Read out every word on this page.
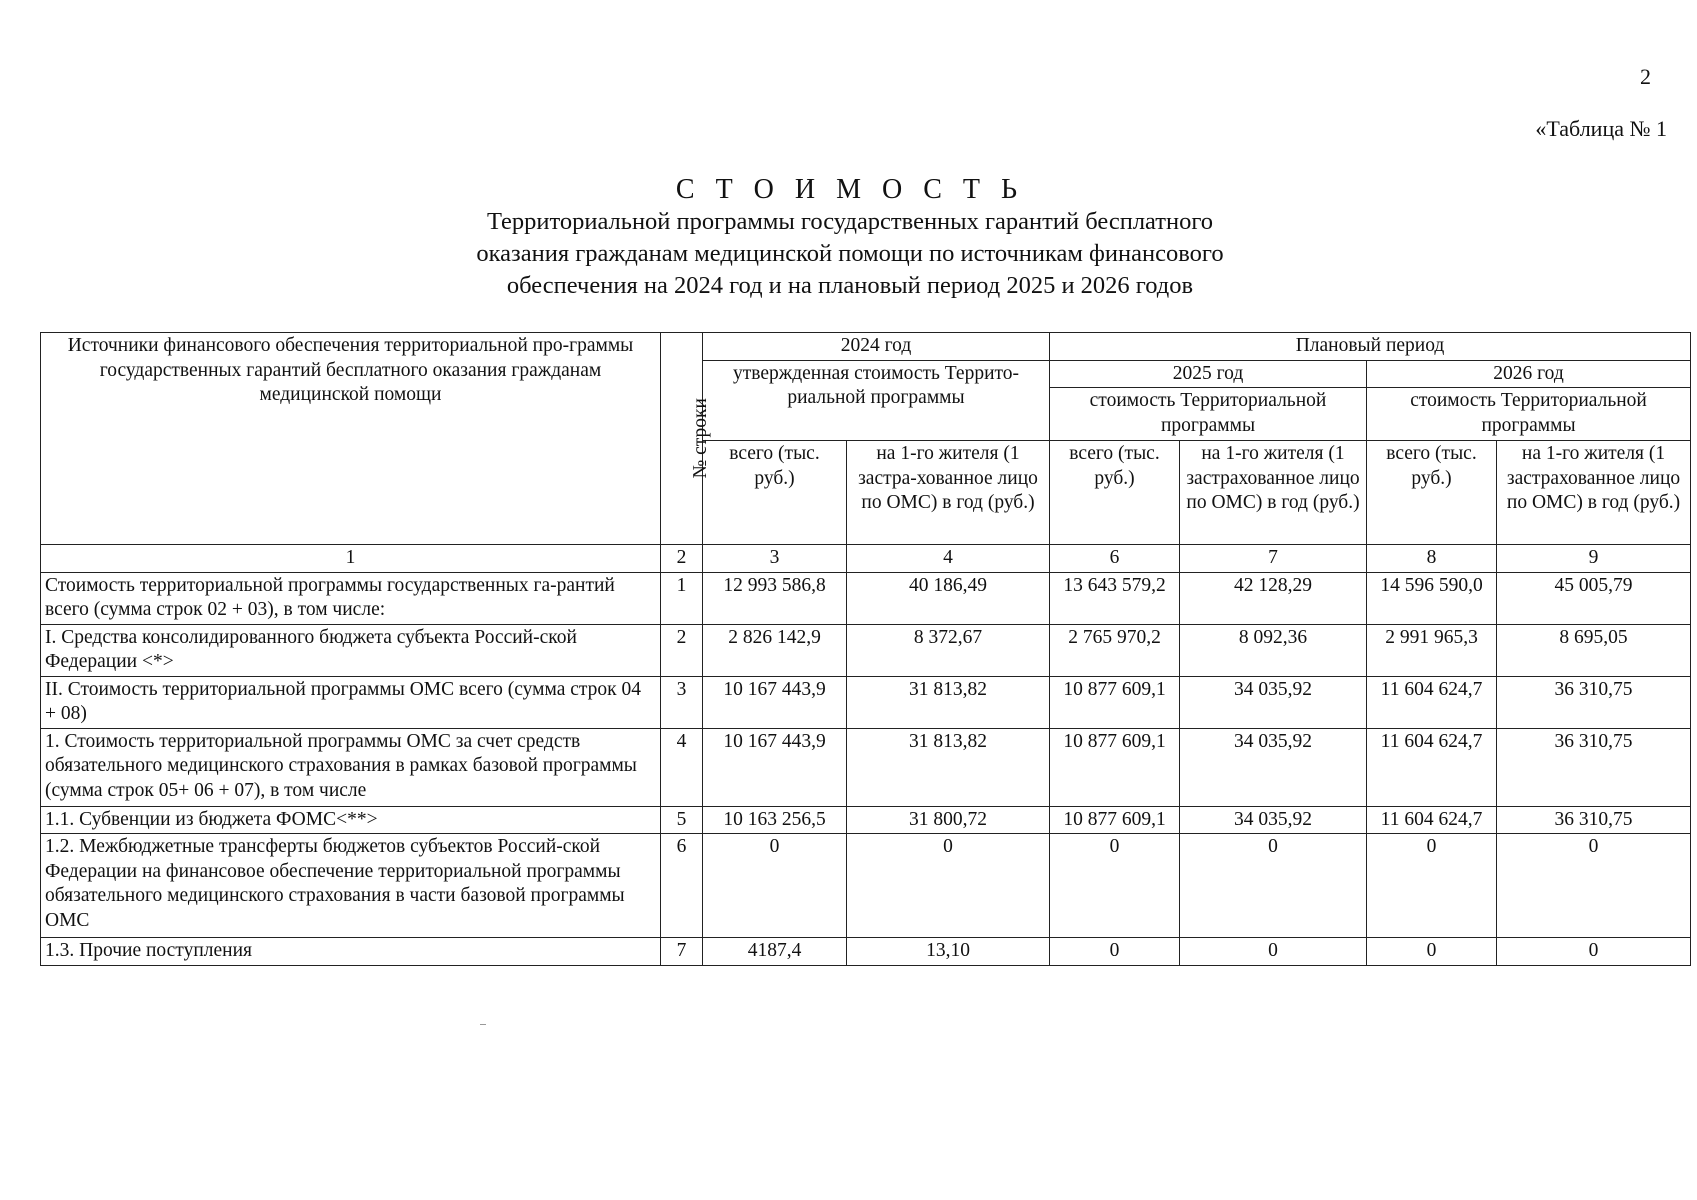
2
«Таблица № 1
С Т О И М О С Т Ь
Территориальной программы государственных гарантий бесплатного
оказания гражданам медицинской помощи по источникам финансового
обеспечения на 2024 год и на плановый период 2025 и 2026 годов
Источники финансового обеспечения территориальной про-граммы государственных гарантий бесплатного оказания гражданам медицинской помощи	№ строки	2024 год		Плановый период			
		утвержденная стоимость Террито-риальной программы		2025 год		2026 год	
				стоимость Территориальной программы		стоимость Территориальной программы	
		всего (тыс. руб.)	на 1-го жителя (1 застра-хованное лицо по ОМС) в год (руб.)	всего (тыс. руб.)	на 1-го жителя (1 застрахованное лицо по ОМС) в год (руб.)	всего (тыс. руб.)	на 1-го жителя (1 застрахованное лицо по ОМС) в год (руб.)
1	2	3	4	6	7	8	9
Стоимость территориальной программы государственных га-рантий всего (сумма строк 02 + 03), в том числе:	1	12 993 586,8	40 186,49	13 643 579,2	42 128,29	14 596 590,0	45 005,79
I. Средства консолидированного бюджета субъекта Россий-ской Федерации <*>	2	2 826 142,9	8 372,67	2 765 970,2	8 092,36	2 991 965,3	8 695,05
II. Стоимость территориальной программы ОМС всего (сумма строк 04 + 08)	3	10 167 443,9	31 813,82	10 877 609,1	34 035,92	11 604 624,7	36 310,75
1. Стоимость территориальной программы ОМС за счет средств обязательного медицинского страхования в рамках базовой программы (сумма строк 05+ 06 + 07), в том числе	4	10 167 443,9	31 813,82	10 877 609,1	34 035,92	11 604 624,7	36 310,75
1.1. Субвенции из бюджета ФОМС<**>	5	10 163 256,5	31 800,72	10 877 609,1	34 035,92	11 604 624,7	36 310,75
1.2. Межбюджетные трансферты бюджетов субъектов Россий-ской Федерации на финансовое обеспечение территориальной программы обязательного медицинского страхования в части базовой программы ОМС	6	0	0	0	0	0	0
1.3. Прочие поступления	7	4187,4	13,10	0	0	0	0
